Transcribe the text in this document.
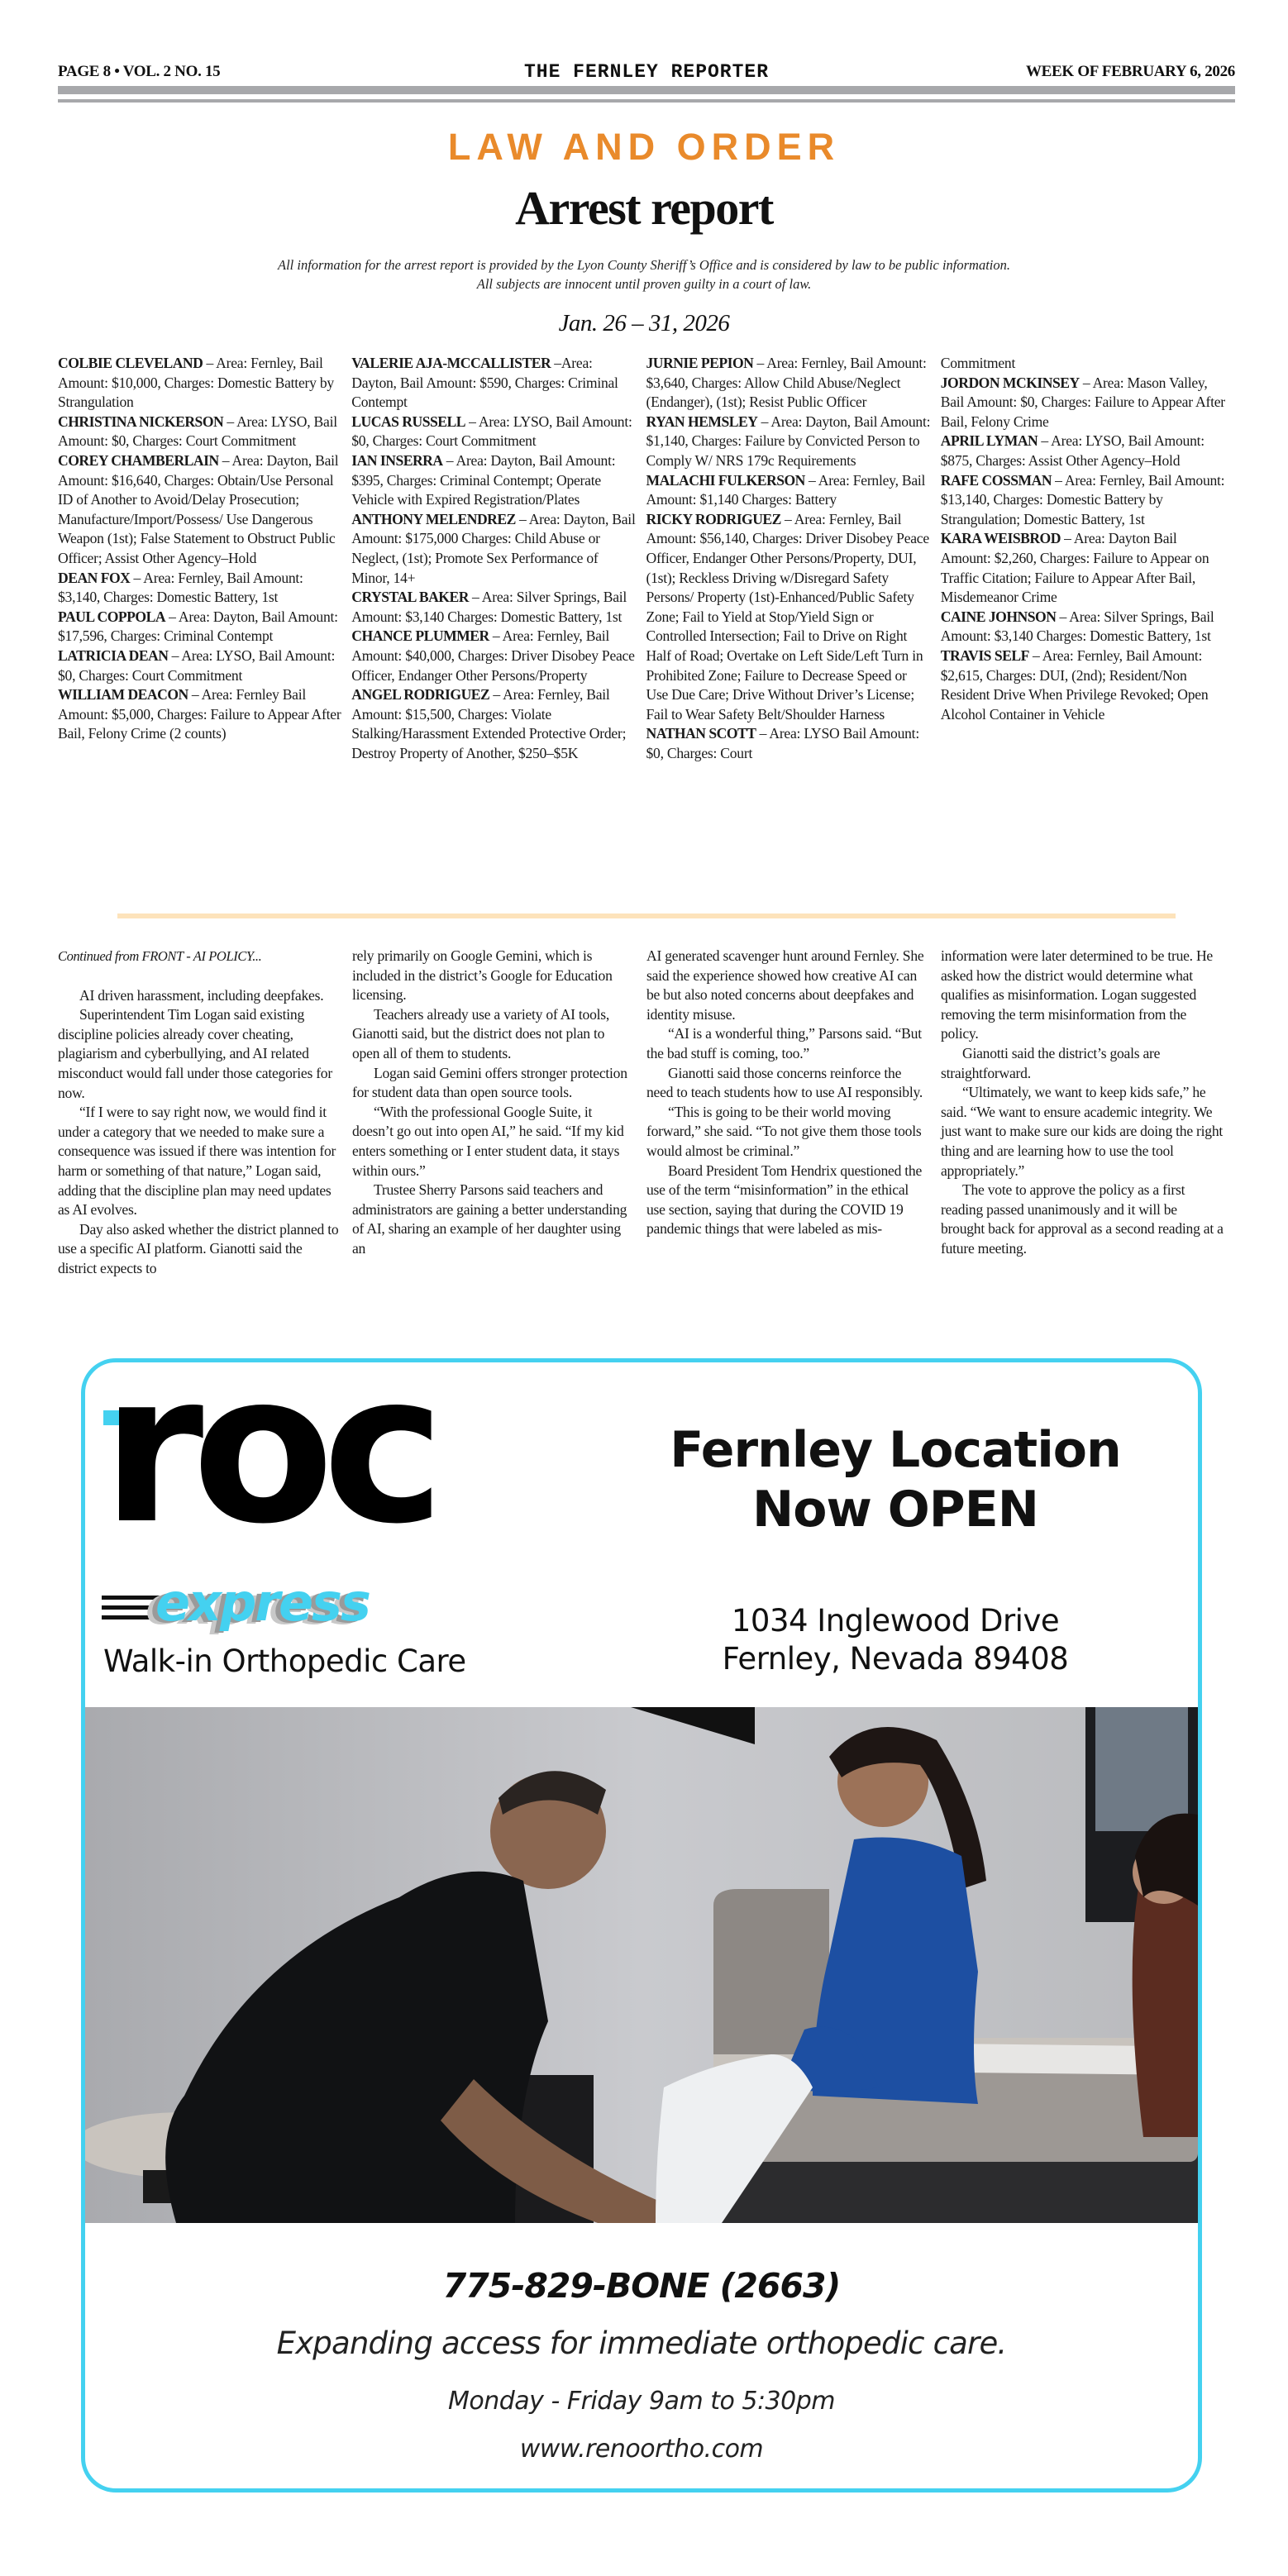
PAGE 8 • VOL. 2 NO. 15	THE FERNLEY REPORTER	WEEK OF FEBRUARY 6, 2026
LAW AND ORDER
Arrest report
All information for the arrest report is provided by the Lyon County Sheriff’s Office and is considered by law to be public information.
All subjects are innocent until proven guilty in a court of law.
Jan. 26 – 31, 2026
COLBIE CLEVELAND – Area: Fernley, Bail Amount: $10,000, Charges: Domestic Battery by Strangulation
CHRISTINA NICKERSON – Area: LYSO, Bail Amount: $0, Charges: Court Commitment
COREY CHAMBERLAIN – Area: Dayton, Bail Amount: $16,640, Charges: Obtain/Use Personal ID of Another to Avoid/Delay Prosecution; Manufacture/Import/Possess/ Use Dangerous Weapon (1st); False Statement to Obstruct Public Officer; Assist Other Agency–Hold
DEAN FOX – Area: Fernley, Bail Amount: $3,140, Charges: Domestic Battery, 1st
PAUL COPPOLA – Area: Dayton, Bail Amount: $17,596, Charges: Criminal Contempt
LATRICIA DEAN – Area: LYSO, Bail Amount: $0, Charges: Court Commitment
WILLIAM DEACON – Area: Fernley Bail Amount: $5,000, Charges: Failure to Appear After Bail, Felony Crime (2 counts)
VALERIE AJA-MCCALLISTER –Area: Dayton, Bail Amount: $590, Charges: Criminal Contempt
LUCAS RUSSELL – Area: LYSO, Bail Amount: $0, Charges: Court Commitment
IAN INSERRA – Area: Dayton, Bail Amount: $395, Charges: Criminal Contempt; Operate Vehicle with Expired Registration/Plates
ANTHONY MELENDREZ – Area: Dayton, Bail Amount: $175,000 Charges: Child Abuse or Neglect, (1st); Promote Sex Performance of Minor, 14+
CRYSTAL BAKER – Area: Silver Springs, Bail Amount: $3,140 Charges: Domestic Battery, 1st
CHANCE PLUMMER – Area: Fernley, Bail Amount: $40,000, Charges: Driver Disobey Peace Officer, Endanger Other Persons/Property
ANGEL RODRIGUEZ – Area: Fernley, Bail Amount: $15,500, Charges: Violate Stalking/Harassment Extended Protective Order; Destroy Property of Another, $250–$5K
JURNIE PEPION – Area: Fernley, Bail Amount: $3,640, Charges: Allow Child Abuse/Neglect (Endanger), (1st); Resist Public Officer
RYAN HEMSLEY – Area: Dayton, Bail Amount: $1,140, Charges: Failure by Convicted Person to Comply W/ NRS 179c Requirements
MALACHI FULKERSON – Area: Fernley, Bail Amount: $1,140 Charges: Battery
RICKY RODRIGUEZ – Area: Fernley, Bail Amount: $56,140, Charges: Driver Disobey Peace Officer, Endanger Other Persons/Property, DUI, (1st); Reckless Driving w/Disregard Safety Persons/ Property (1st)-Enhanced/Public Safety Zone; Fail to Yield at Stop/Yield Sign or Controlled Intersection; Fail to Drive on Right Half of Road; Overtake on Left Side/Left Turn in Prohibited Zone; Failure to Decrease Speed or Use Due Care; Drive Without Driver’s License; Fail to Wear Safety Belt/Shoulder Harness
NATHAN SCOTT – Area: LYSO Bail Amount: $0, Charges: Court
Commitment
JORDON MCKINSEY – Area: Mason Valley, Bail Amount: $0, Charges: Failure to Appear After Bail, Felony Crime
APRIL LYMAN – Area: LYSO, Bail Amount: $875, Charges: Assist Other Agency–Hold
RAFE COSSMAN – Area: Fernley, Bail Amount: $13,140, Charges: Domestic Battery by Strangulation; Domestic Battery, 1st
KARA WEISBROD – Area: Dayton Bail Amount: $2,260, Charges: Failure to Appear on Traffic Citation; Failure to Appear After Bail, Misdemeanor Crime
CAINE JOHNSON – Area: Silver Springs, Bail Amount: $3,140 Charges: Domestic Battery, 1st
TRAVIS SELF – Area: Fernley, Bail Amount: $2,615, Charges: DUI, (2nd); Resident/Non Resident Drive When Privilege Revoked; Open Alcohol Container in Vehicle

Continued from FRONT - AI POLICY...

AI driven harassment, including deepfakes.

Superintendent Tim Logan said existing discipline policies already cover cheating, plagiarism and cyberbullying, and AI related misconduct would fall under those categories for now.

“If I were to say right now, we would find it under a category that we needed to make sure a consequence was issued if there was intention for harm or something of that nature,” Logan said, adding that the discipline plan may need updates as AI evolves.

Day also asked whether the district planned to use a specific AI platform. Gianotti said the district expects to

rely primarily on Google Gemini, which is included in the district’s Google for Education licensing.

Teachers already use a variety of AI tools, Gianotti said, but the district does not plan to open all of them to students.

Logan said Gemini offers stronger protection for student data than open source tools.

“With the professional Google Suite, it doesn’t go out into open AI,” he said. “If my kid enters something or I enter student data, it stays within ours.”

Trustee Sherry Parsons said teachers and administrators are gaining a better understanding of AI, sharing an example of her daughter using an

AI generated scavenger hunt around Fernley. She said the experience showed how creative AI can be but also noted concerns about deepfakes and identity misuse.

“AI is a wonderful thing,” Parsons said. “But the bad stuff is coming, too.”

Gianotti said those concerns reinforce the need to teach students how to use AI responsibly.

“This is going to be their world moving forward,” she said. “To not give them those tools would almost be criminal.”

Board President Tom Hendrix questioned the use of the term “misinformation” in the ethical use section, saying that during the COVID 19 pandemic things that were labeled as mis-

information were later determined to be true. He asked how the district would determine what qualifies as misinformation. Logan suggested removing the term misinformation from the policy.

Gianotti said the district’s goals are straightforward.

“Ultimately, we want to keep kids safe,” he said. “We want to ensure academic integrity. We just want to make sure our kids are doing the right thing and are learning how to use the tool appropriately.”

The vote to approve the policy as a first reading passed unanimously and it will be brought back for approval as a second reading at a future meeting.

roc
express
Walk-in Orthopedic Care
Fernley Location
Now OPEN
1034 Inglewood Drive
Fernley, Nevada 89408
775-829-BONE (2663)
Expanding access for immediate orthopedic care.
Monday - Friday 9am to 5:30pm
www.renoortho.com
